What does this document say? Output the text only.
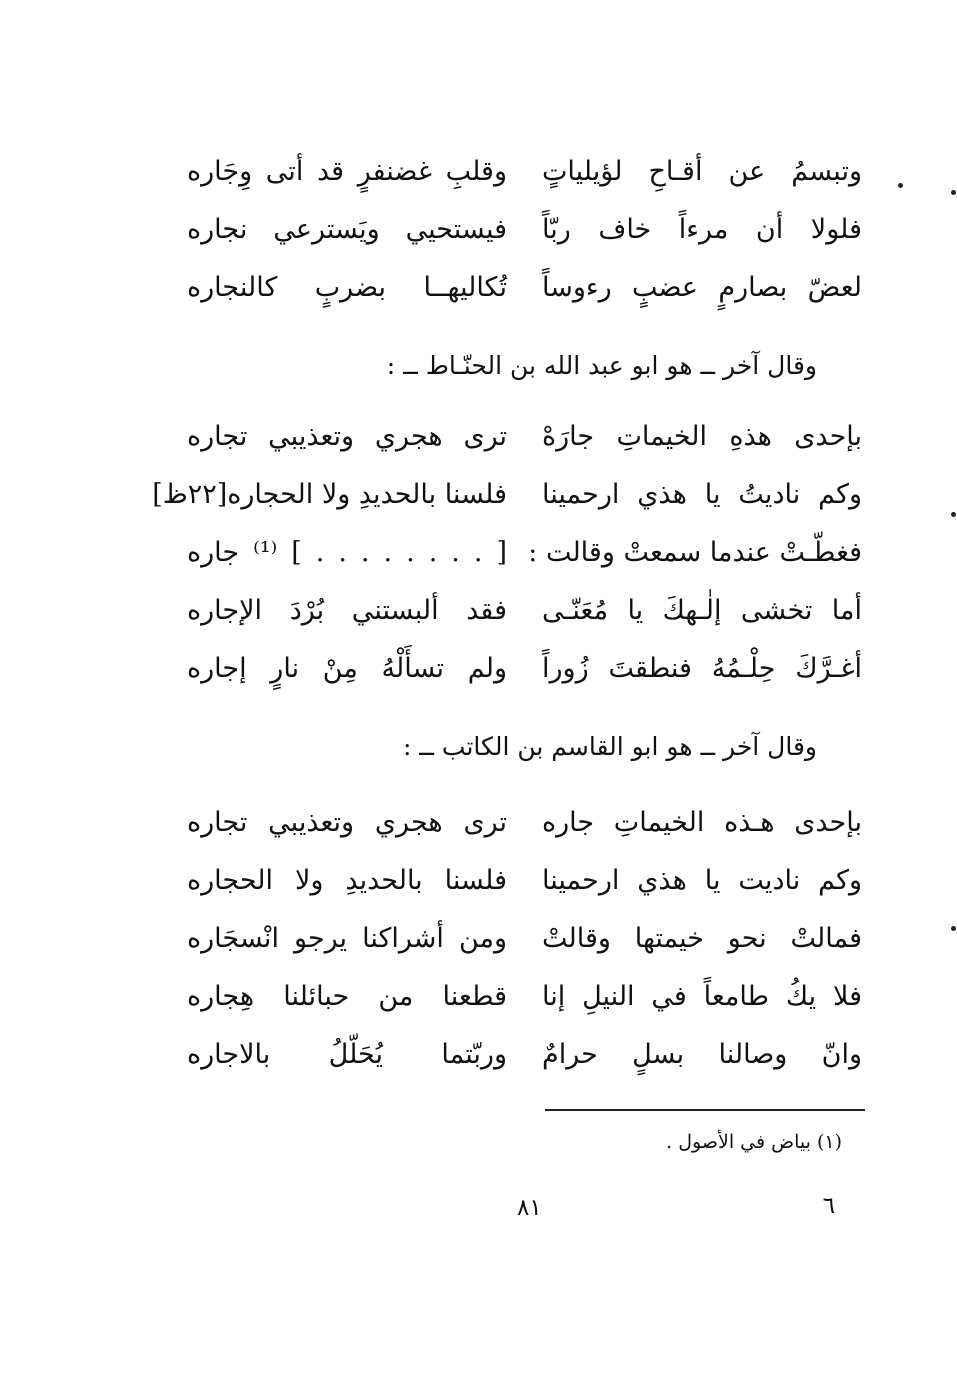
وتبسمُ عن أقـاحِ لؤيلياتٍ
وقلبِ غضنفرٍ قد أتى وِجَاره
فلولا أن مرءاً خاف ربّاً
فيستحيي ويَسترعي نجاره
لعضّ بصارمٍ عضبٍ رءوساً
تُكاليهــا بضربٍ كالنجاره
وقال آخر ــ هو ابو عبد الله بن الحنّـاط ــ :
بإحدى هذهِ الخيماتِ جارَهْ
ترى هجري وتعذيبي تجاره
وكم ناديتُ يا هذي ارحمينا
فلسنا بالحديدِ ولا الحجاره[٢٢ظ]
فغطّـتْ عندما سمعتْ وقالت :
[ . . . . . . . . ] ⁽¹⁾ جاره
أما تخشى إلٰـهكَ يا مُعَنّـى
فقد ألبستني بُرْدَ الإجاره
أغـرَّكَ حِلْـمُهُ فنطقتَ زُوراً
ولم تسأَلْهُ مِنْ نارٍ إجاره
وقال آخر ــ هو ابو القاسم بن الكاتب ــ :
بإحدى هـذه الخيماتِ جاره
ترى هجري وتعذيبي تجاره
وكم ناديت يا هذي ارحمينا
فلسنا بالحديدِ ولا الحجاره
فمالتْ نحو خيمتها وقالتْ
ومن أشراكنا يرجو انْسجَاره
فلا يكُ طامعاً في النيلِ إنا
قطعنا من حبائلنا هِجاره
وانّ وصالنا بسلٍ حرامٌ
وربّتما يُحَلّلُ بالاجاره
(١) بياض في الأصول .
٦
٨١
